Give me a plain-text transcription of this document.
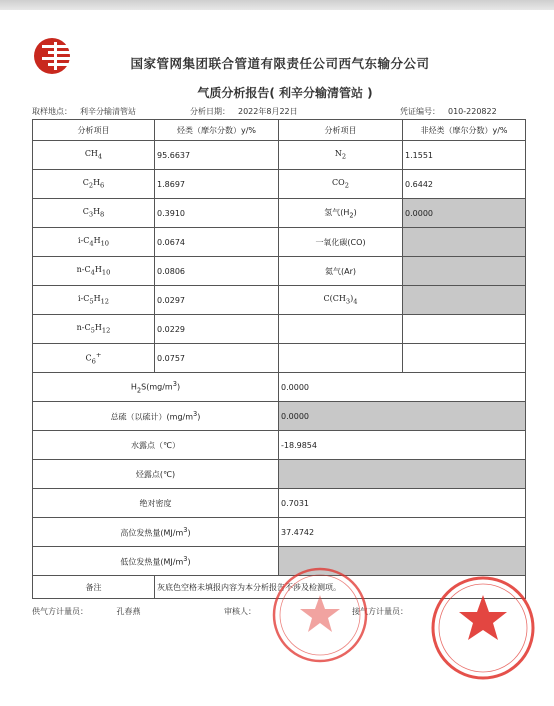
国家管网集团联合管道有限责任公司西气东输分公司
气质分析报告( 利辛分输清管站 )
取样地点： 利辛分输清管站	分析日期： 2022年8月22日	凭证编号： 010-220822
分析项目	烃类（摩尔分数）y/%	分析项目	非烃类（摩尔分数）y/%
$CH_4$	95.6637	$N_2$	1.1551
$C_2H_6$	1.8697	$CO_2$	0.6442
$C_3H_8$	0.3910	氢气$(H_2)$	0.0000
$i-C_4H_{10}$	0.0674	一氧化碳(CO)	
$n-C_4H_{10}$	0.0806	氦气(Ar)	
$i-C_5H_{12}$	0.0297	$C(CH_3)_4$	
$n-C_5H_{12}$	0.0229		
$C_6^+$	0.0757		
$H_2S(mg/m^3)$		0.0000	
总硫（以硫计）$(mg/m^3)$		0.0000	
水露点（℃）		-18.9854	
烃露点(℃)			
绝对密度		0.7031	
高位发热量$(MJ/m^3)$		37.4742	
低位发热量$(MJ/m^3)$			
备注	灰底色空格未填报内容为本分析报告不涉及检测项。		
供气方计量员：	孔春燕	审核人：	接气方计量员：
